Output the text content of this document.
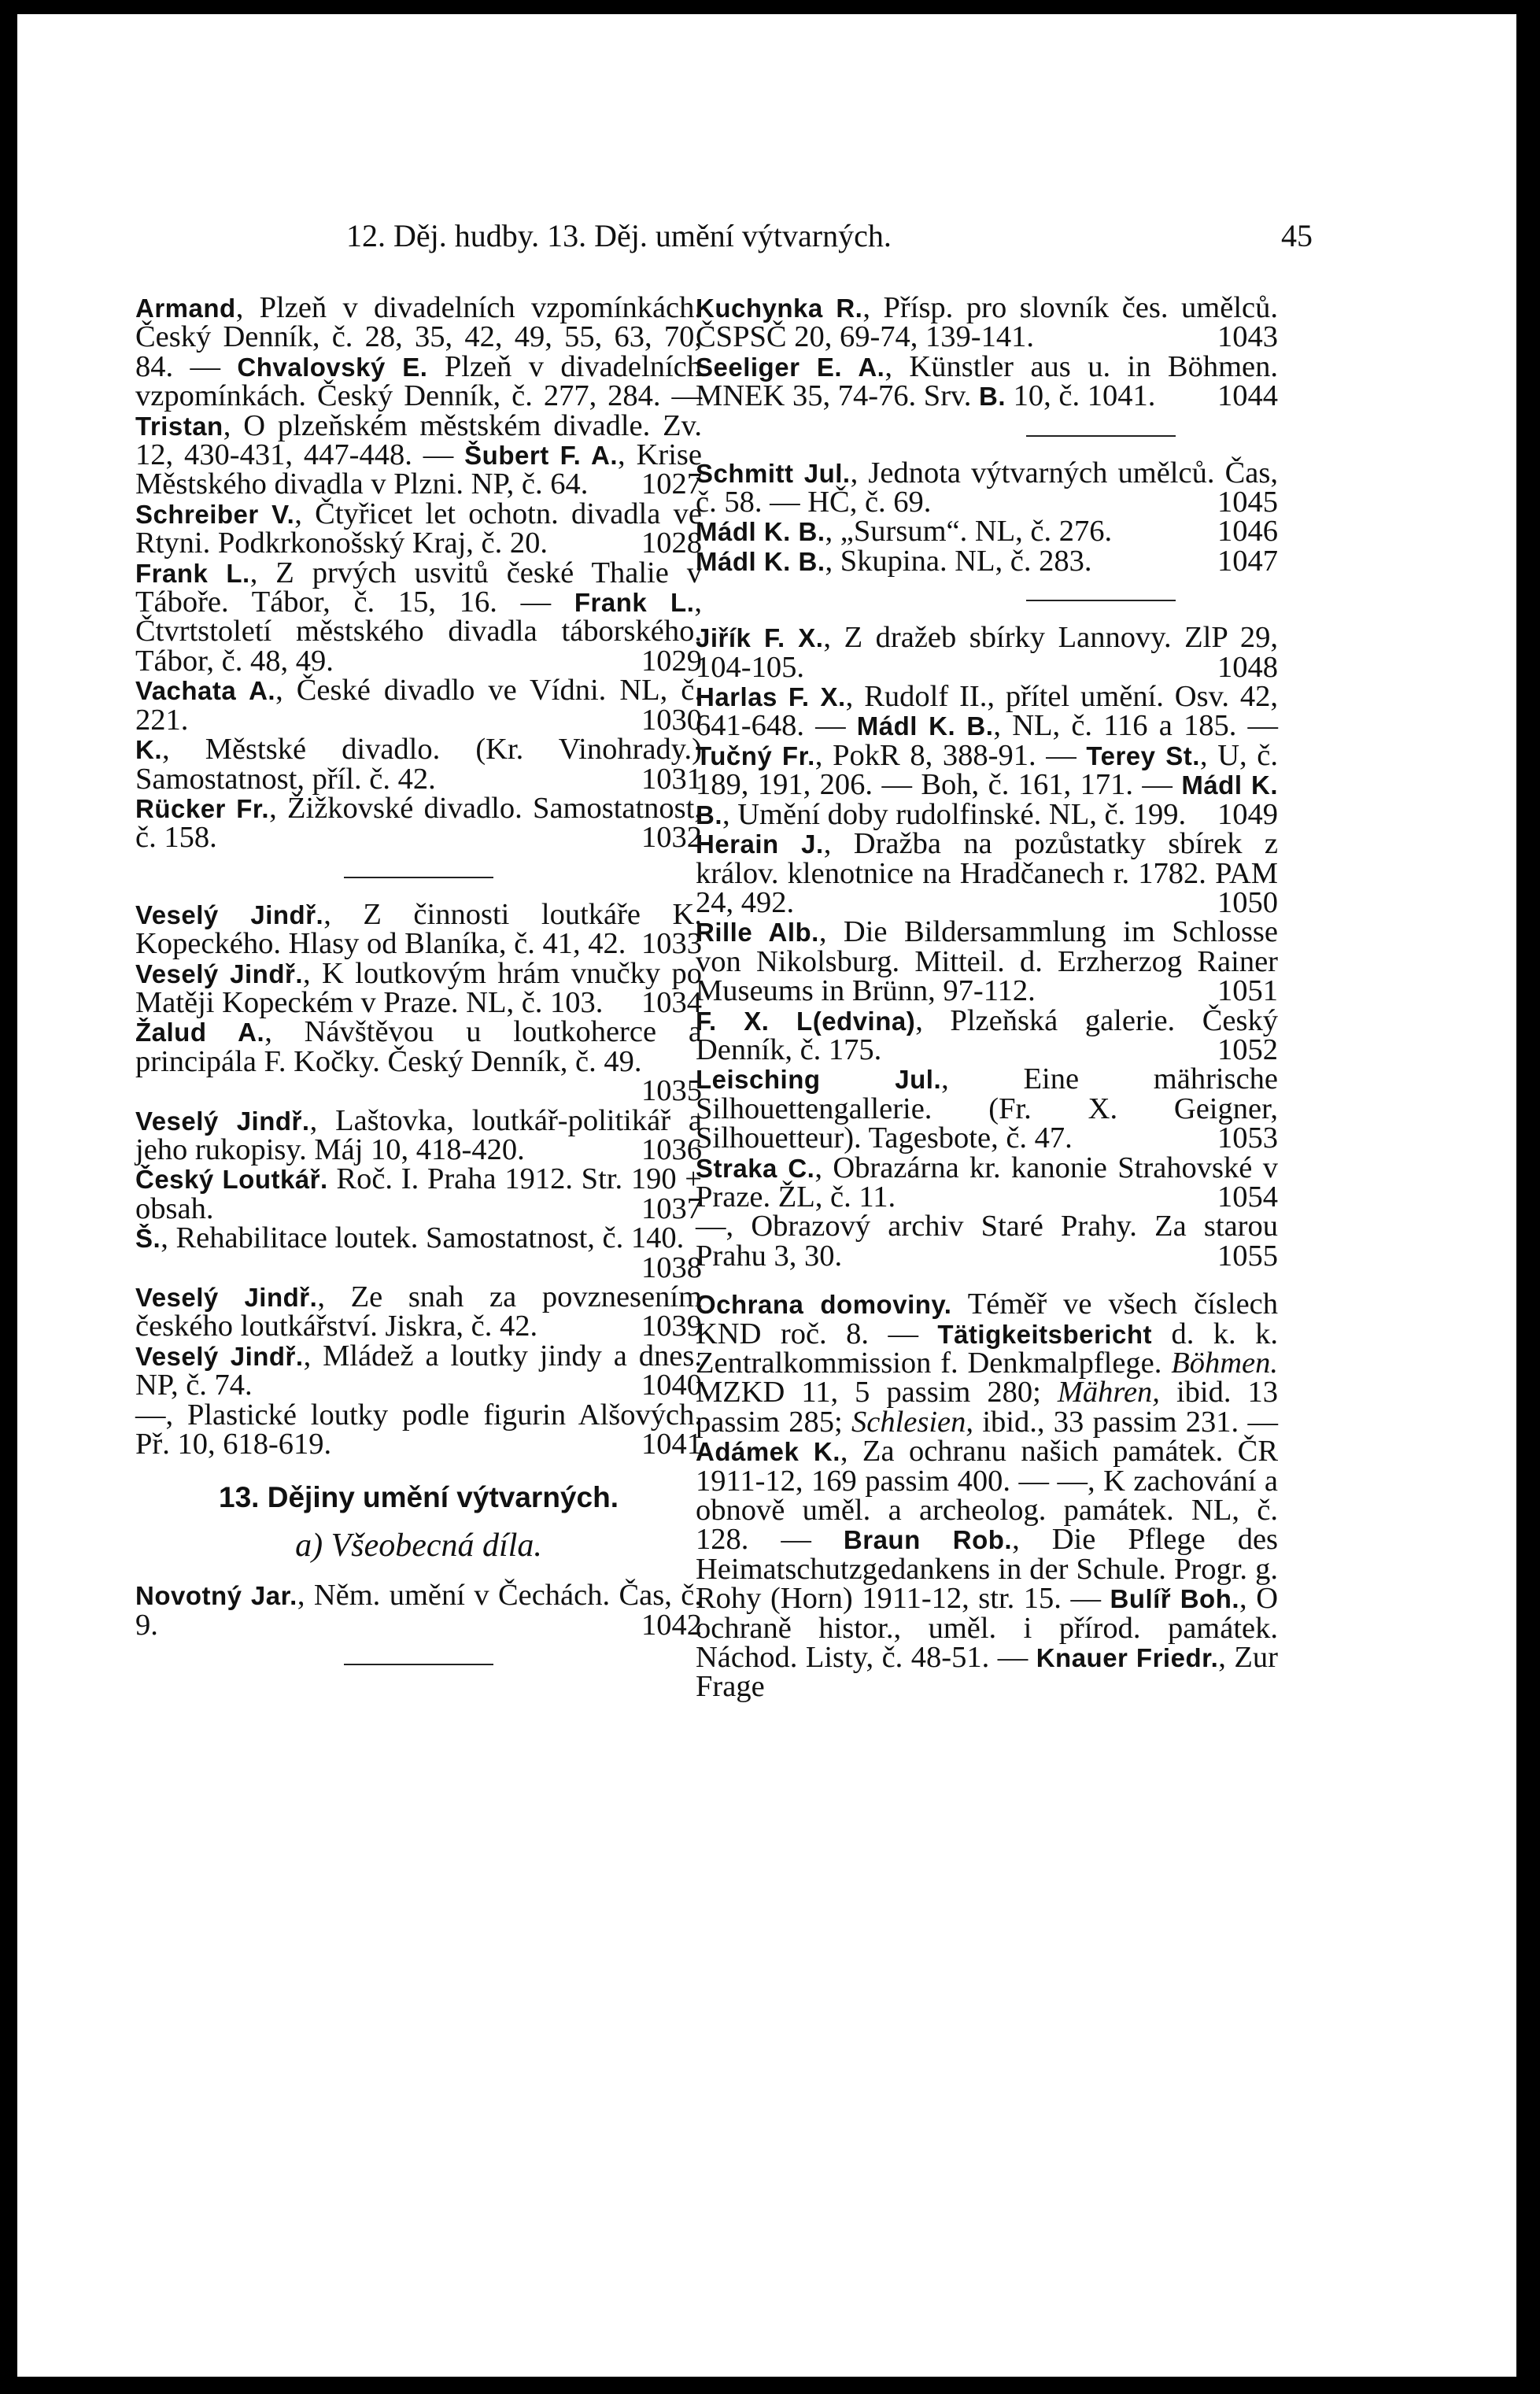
12. Děj. hudby. 13. Děj. umění výtvarných.	45

Armand, Plzeň v divadelních vzpomínkách. Český Denník, č. 28, 35, 42, 49, 55, 63, 70, 84. — Chvalovský E. Plzeň v divadelních vzpomínkách. Český Denník, č. 277, 284. — Tristan, O plzeňském městském divadle. Zv. 12, 430-431, 447-448. — Šubert F. A., Krise Městského divadla v Plzni. NP, č. 64. 1027

Schreiber V., Čtyřicet let ochotn. divadla ve Rtyni. Podkrkonošský Kraj, č. 20.	1028

Frank L., Z prvých usvitů české Thalie v Táboře. Tábor, č. 15, 16. — Frank L., Čtvrtstoletí městského divadla táborského. Tábor, č. 48, 49.	1029

Vachata A., České divadlo ve Vídni. NL, č. 221.	1030

K., Městské divadlo. (Kr. Vinohrady.) Samostatnost, příl. č. 42.	1031

Rücker Fr., Žižkovské divadlo. Samostatnost, č. 158.	1032

Veselý Jindř., Z činnosti loutkáře K. Kopeckého. Hlasy od Blaníka, č. 41, 42. 1033

Veselý Jindř., K loutkovým hrám vnučky po Matěji Kopeckém v Praze. NL, č. 103. 1034

Žalud A., Návštěvou u loutkoherce a principála F. Kočky. Český Denník, č. 49.
1035

Veselý Jindř., Laštovka, loutkář-politikář a jeho rukopisy. Máj 10, 418-420.	1036

Český Loutkář. Roč. I. Praha 1912. Str. 190 + obsah.	1037

Š., Rehabilitace loutek. Samostatnost, č. 140.
1038

Veselý Jindř., Ze snah za povznesením českého loutkářství. Jiskra, č. 42.	1039

Veselý Jindř., Mládež a loutky jindy a dnes. NP, č. 74.	1040

—, Plastické loutky podle figurin Alšových. Př. 10, 618-619.	1041

13. Dějiny umění výtvarných.
a) Všeobecná díla.

Novotný Jar., Něm. umění v Čechách. Čas, č. 9.	1042

Kuchynka R., Přísp. pro slovník čes. umělců. ČSPSČ 20, 69-74, 139-141.	1043

Seeliger E. A., Künstler aus u. in Böhmen. MNEK 35, 74-76. Srv. B. 10, č. 1041. 1044

Schmitt Jul., Jednota výtvarných umělců. Čas, č. 58. — HČ, č. 69.	1045

Mádl K. B., „Sursum“. NL, č. 276.	1046

Mádl K. B., Skupina. NL, č. 283.	1047

Jiřík F. X., Z dražeb sbírky Lannovy. ZlP 29, 104-105.	1048

Harlas F. X., Rudolf II., přítel umění. Osv. 42, 641-648. — Mádl K. B., NL, č. 116 a 185. — Tučný Fr., PokR 8, 388-91. — Terey St., U, č. 189, 191, 206. — Boh, č. 161, 171. — Mádl K. B., Umění doby rudolfinské. NL, č. 199. 1049

Herain J., Dražba na pozůstatky sbírek z králov. klenotnice na Hradčanech r. 1782. PAM 24, 492.	1050

Rille Alb., Die Bildersammlung im Schlosse von Nikolsburg. Mitteil. d. Erzherzog Rainer Museums in Brünn, 97-112.	1051

F. X. L(edvina), Plzeňská galerie. Český Denník, č. 175.	1052

Leisching Jul., Eine mährische Silhouettengallerie. (Fr. X. Geigner, Silhouetteur). Tagesbote, č. 47.	1053

Straka C., Obrazárna kr. kanonie Strahovské v Praze. ŽL, č. 11.	1054

—, Obrazový archiv Staré Prahy. Za starou Prahu 3, 30.	1055

Ochrana domoviny. Téměř ve všech číslech KND roč. 8. — Tätigkeitsbericht d. k. k. Zentralkommission f. Denkmalpflege. Böhmen. MZKD 11, 5 passim 280; Mähren, ibid. 13 passim 285; Schlesien, ibid., 33 passim 231. — Adámek K., Za ochranu našich památek. ČR 1911-12, 169 passim 400. — —, K zachování a obnově uměl. a archeolog. památek. NL, č. 128. — Braun Rob., Die Pflege des Heimatschutzgedankens in der Schule. Progr. g. Rohy (Horn) 1911-12, str. 15. — Bulíř Boh., O ochraně histor., uměl. i přírod. památek. Náchod. Listy, č. 48-51. — Knauer Friedr., Zur Frage
